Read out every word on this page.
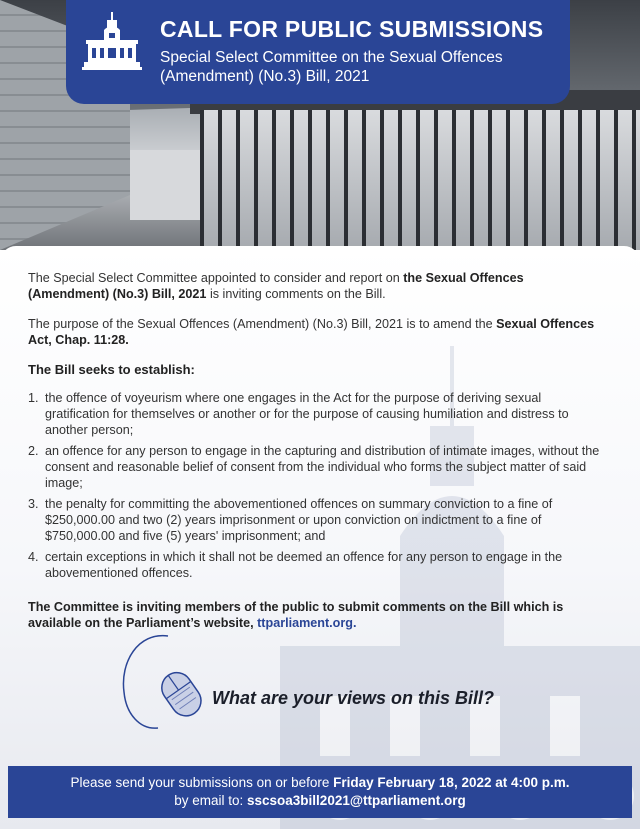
CALL FOR PUBLIC SUBMISSIONS
Special Select Committee on the Sexual Offences (Amendment) (No.3) Bill, 2021

The Special Select Committee appointed to consider and report on the Sexual Offences (Amendment) (No.3) Bill, 2021 is inviting comments on the Bill.

The purpose of the Sexual Offences (Amendment) (No.3) Bill, 2021 is to amend the Sexual Offences Act, Chap. 11:28.

The Bill seeks to establish:
1. the offence of voyeurism where one engages in the Act for the purpose of deriving sexual gratification for themselves or another or for the purpose of causing humiliation and distress to another person;
2. an offence for any person to engage in the capturing and distribution of intimate images, without the consent and reasonable belief of consent from the individual who forms the subject matter of said image;
3. the penalty for committing the abovementioned offences on summary conviction to a fine of $250,000.00 and two (2) years imprisonment or upon conviction on indictment to a fine of $750,000.00 and five (5) years' imprisonment; and
4. certain exceptions in which it shall not be deemed an offence for any person to engage in the abovementioned offences.

The Committee is inviting members of the public to submit comments on the Bill which is available on the Parliament’s website, ttparliament.org.

What are your views on this Bill?
Please send your submissions on or before Friday February 18, 2022 at 4:00 p.m.
by email to: sscsoa3bill2021@ttparliament.org
